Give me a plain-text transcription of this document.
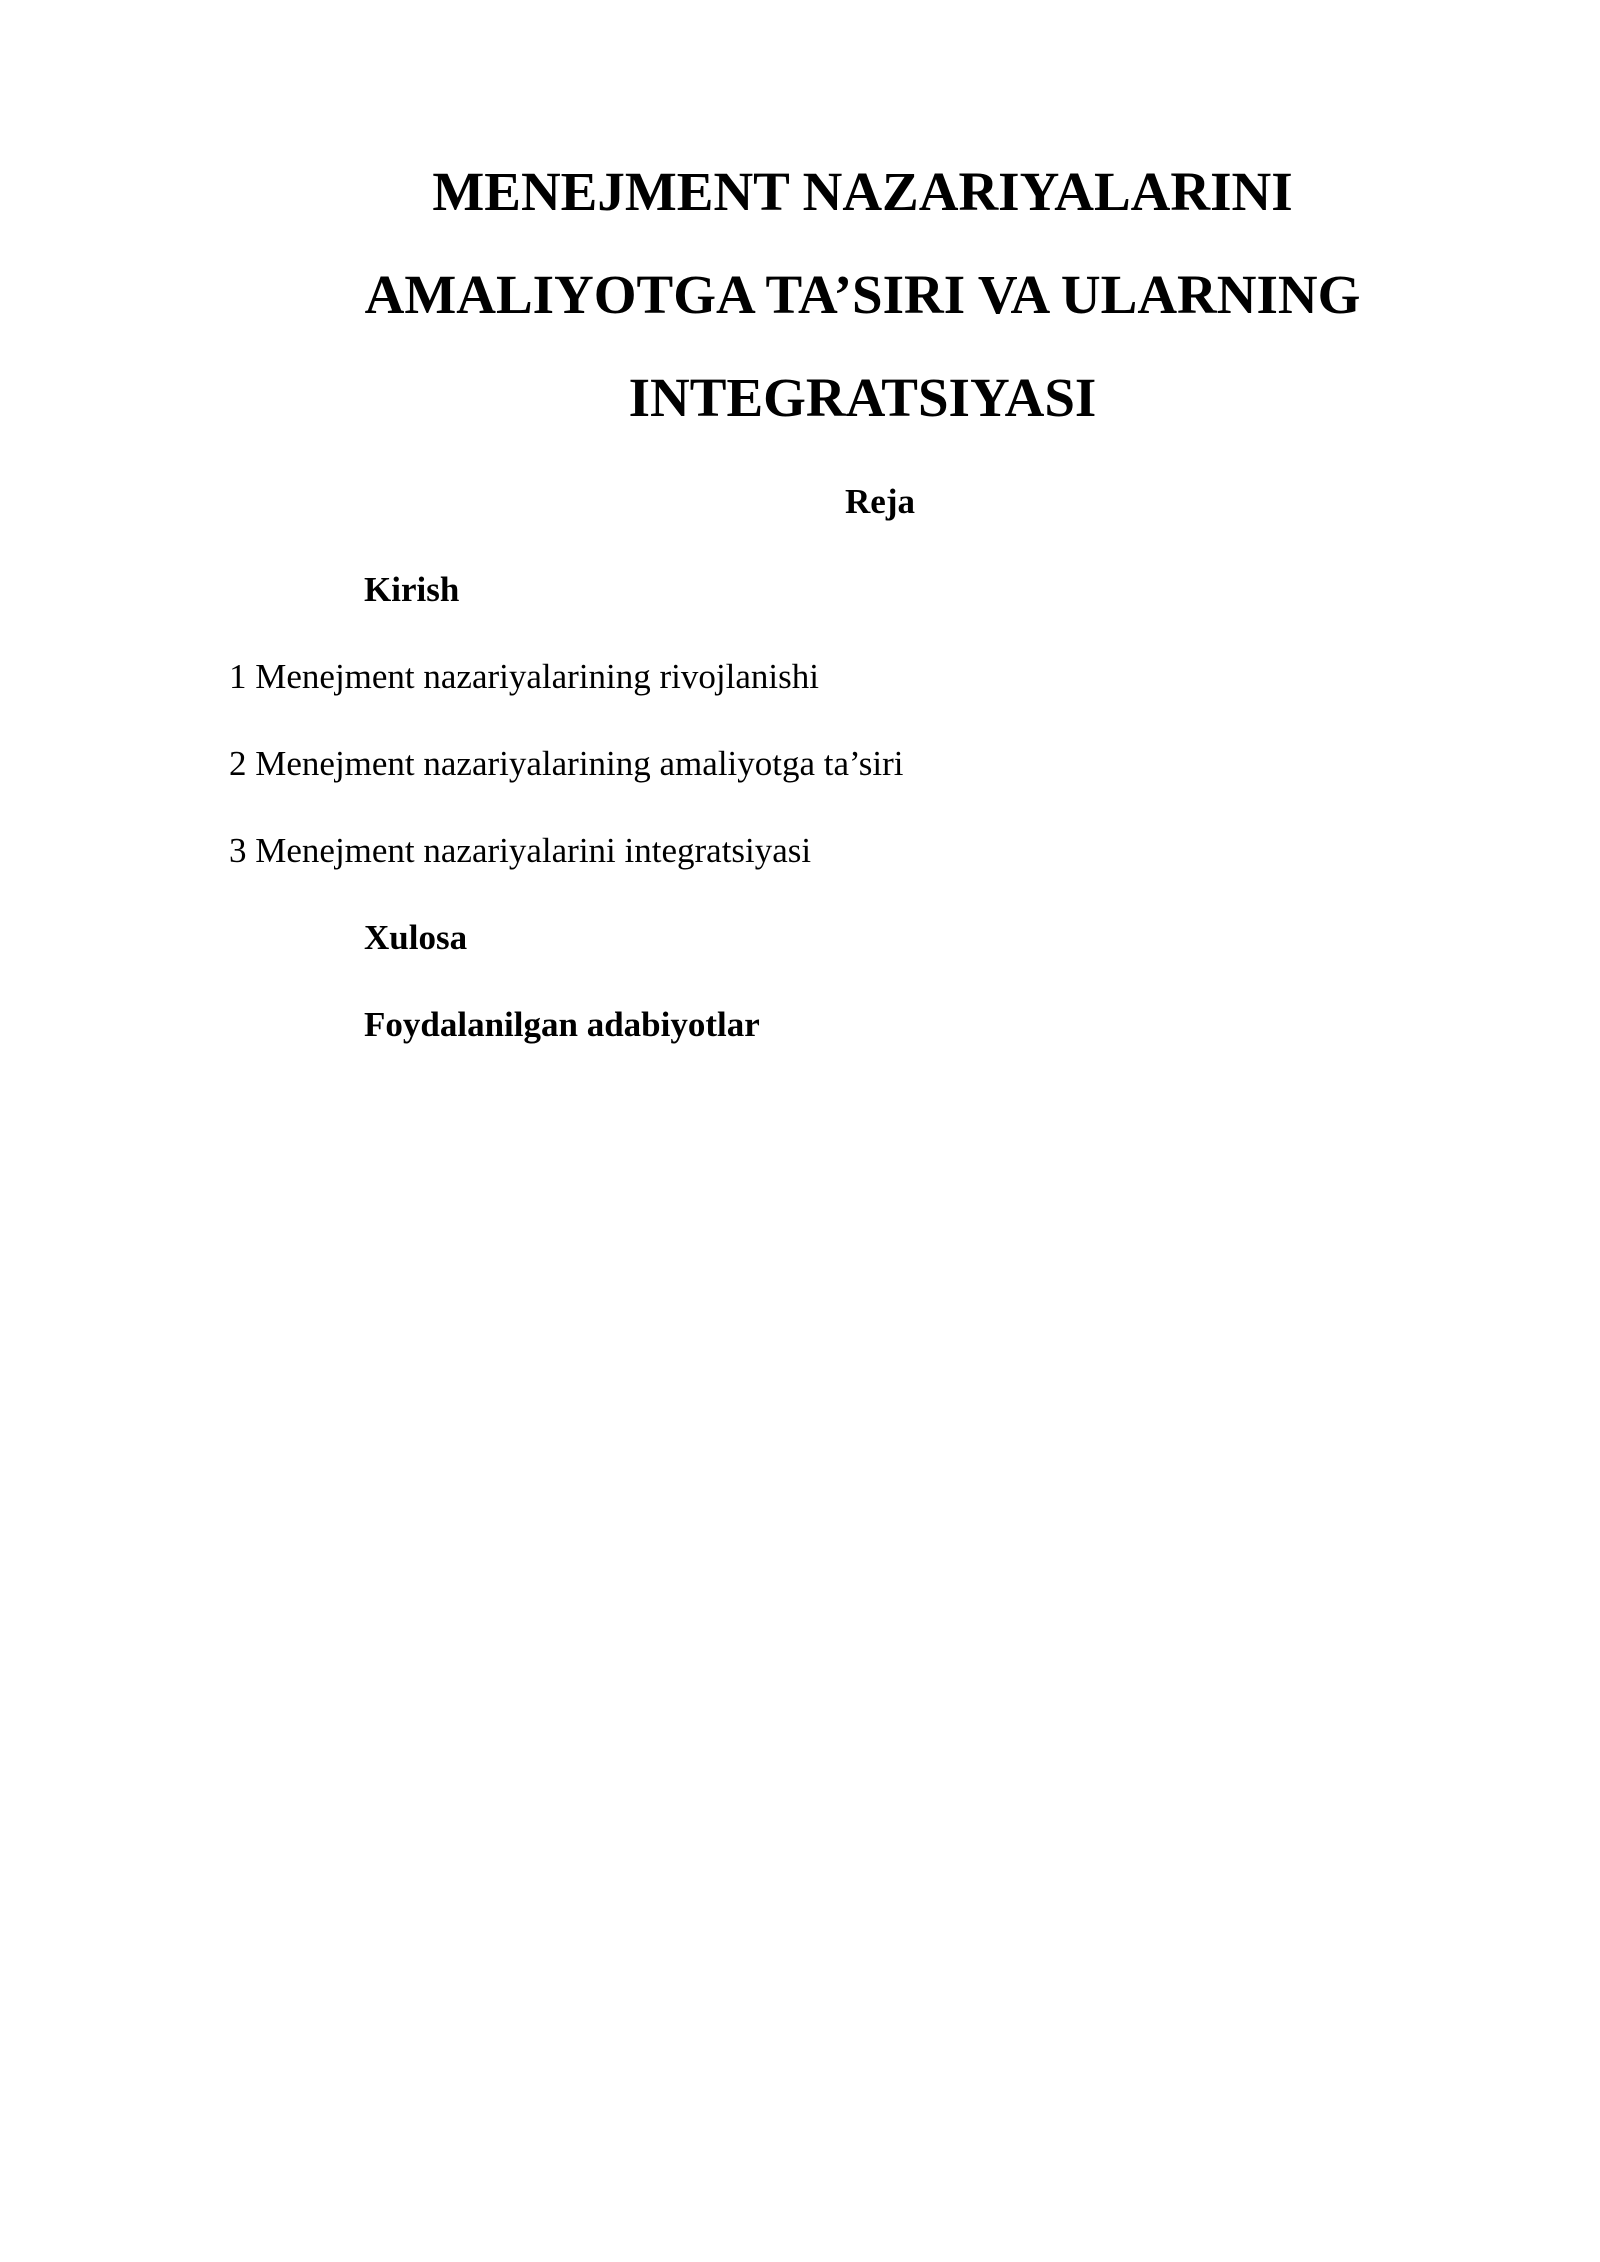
MENEJMENT NAZARIYALARINI
AMALIYOTGA TA’SIRI VA ULARNING
INTEGRATSIYASI
Reja
Kirish
1 Menejment nazariyalarining rivojlanishi
2 Menejment nazariyalarining amaliyotga ta’siri
3 Menejment nazariyalarini integratsiyasi
Xulosa
Foydalanilgan adabiyotlar
